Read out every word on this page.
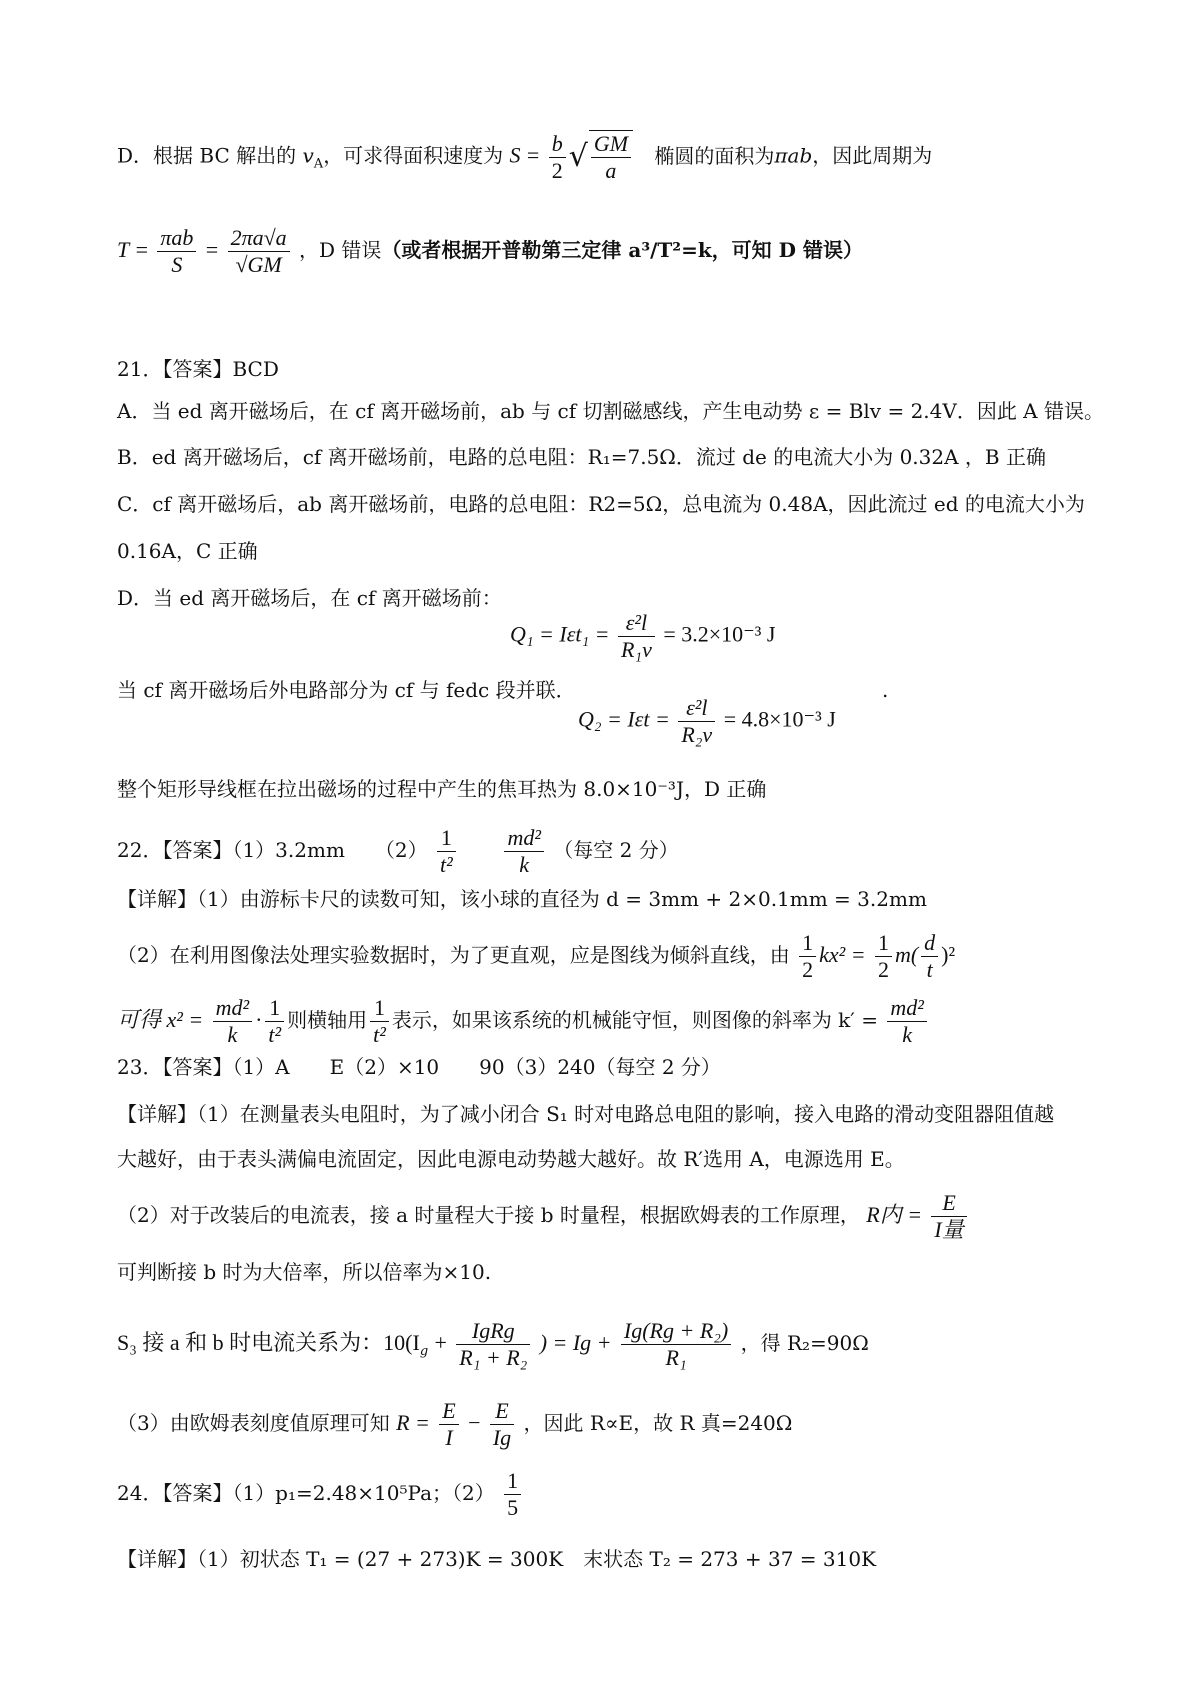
D．根据 BC 解出的 $v_A$，可求得面积速度为 $S = \frac{b}{2}$ √ $\frac{GM}{a}$ 椭圆的面积为πab，因此周期为
$T = \frac{\text{πab}}{S} = \frac{2\pi a√a}{√GM}$ ，D 错误（或者根据开普勒第三定律 a³/T²=k，可知 D 错误）
21．【答案】BCD
A．当 ed 离开磁场后，在 cf 离开磁场前，ab 与 cf 切割磁感线，产生电动势 ε = Blv = 2.4V．因此 A 错误。
B．ed 离开磁场后，cf 离开磁场前，电路的总电阻：R₁=7.5Ω．流过 de 的电流大小为 0.32A ，B 正确
C．cf 离开磁场后，ab 离开磁场前，电路的总电阻：R2=5Ω，总电流为 0.48A，因此流过 ed 的电流大小为
0.16A，C 正确
D．当 ed 离开磁场后，在 cf 离开磁场前：
$Q_1 = I\varepsilon t_1 = \frac{\text{ε²l}}{\text{R₁v}} = 3.2\times 10^{-3}$ J
当 cf 离开磁场后外电路部分为 cf 与 fedc 段并联．	.
$Q_2 = I\varepsilon t = \frac{\text{ε²l}}{\text{R₂v}} = 4.8\times 10^{-3}$ J
整个矩形导线框在拉出磁场的过程中产生的焦耳热为 8.0×10⁻³J，D 正确
22．【答案】（1）3.2mm　　$(2) \frac{1}{\text{t²}}$
$\frac{\text{md²}}{k}$ （每空 2 分）
【详解】（1）由游标卡尺的读数可知，该小球的直径为 d = 3mm + 2×0.1mm = 3.2mm
（2）在利用图像法处理实验数据时，为了更直观，应是图线为倾斜直线，由 $\frac{1}{2} kx^2 = \frac{1}{2} m( \frac{d}{t} )^2$
可得 $x^2 = \frac{\text{md²}}{k} \cdot \frac{1}{\text{t²}}$ 则横轴用 $\frac{1}{\text{t²}}$ 表示，如果该系统的机械能守恒，则图像的斜率为 $k' = \frac{\text{md²}}{k}$
23．【答案】（1）A　　E（2）×10　　90（3）240（每空 2 分）
【详解】（1）在测量表头电阻时，为了减小闭合 S₁ 时对电路总电阻的影响，接入电路的滑动变阻器阻值越
大越好，由于表头满偏电流固定，因此电源电动势越大越好。故 R′选用 A，电源选用 E。
（2）对于改装后的电流表，接 a 时量程大于接 b 时量程，根据欧姆表的工作原理， R内 = $\frac{E}{\text{I量}}$
可判断接 b 时为大倍率，所以倍率为×10.
S₃ 接 a 和 b 时电流关系为：$10(I_g + \frac{\text{IgRg}}{\text{R₁ + R₂}}$ ) = $Ig + \frac{\text{Ig(Rg + R₂)}}{\text{R₁}}$ ，得 R₂=90Ω
（3）由欧姆表刻度值原理可知 $R = \frac{E}{I} - \frac{E}{Ig}$ ，因此 R∝E，故 R 真=240Ω
24．【答案】（1）p₁=2.48×10⁵Pa；$(2) \frac{1}{5}$
【详解】（1）初状态 T₁ = (27 + 273)K = 300K　末状态 T₂ = 273 + 37 = 310K
